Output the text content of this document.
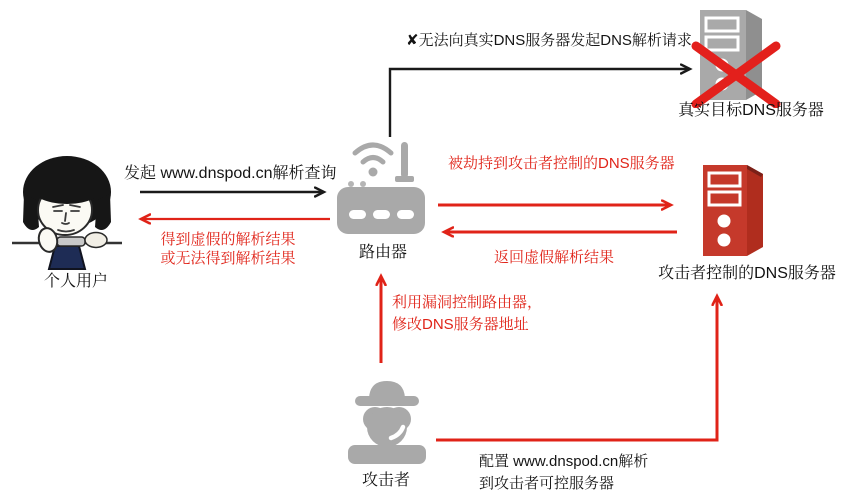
个人用户
路由器
真实目标DNS服务器
攻击者控制的DNS服务器
攻击者
✘无法向真实DNS服务器发起DNS解析请求
发起 www.dnspod.cn解析查询
得到虚假的解析结果
或无法得到解析结果
被劫持到攻击者控制的DNS服务器
返回虚假解析结果
利用漏洞控制路由器，
修改DNS服务器地址
配置 www.dnspod.cn解析
到攻击者可控服务器
